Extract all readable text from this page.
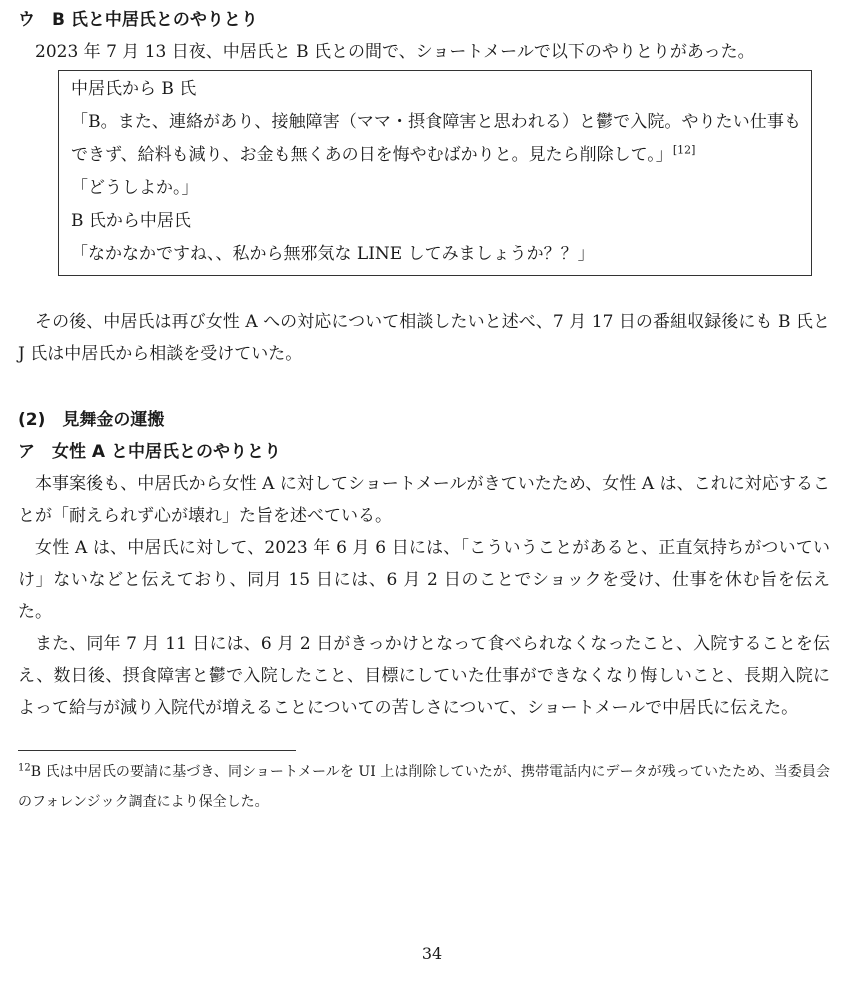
ウ　B 氏と中居氏とのやりとり

2023 年 7 月 13 日夜、中居氏と B 氏との間で、ショートメールで以下のやりとりがあった。

中居氏から B 氏

「B。また、連絡があり、接触障害（ママ・摂食障害と思われる）と鬱で入院。やりたい仕事もできず、給料も減り、お金も無くあの日を悔やむばかりと。見たら削除して。」[12]

「どうしよか。」

B 氏から中居氏

「なかなかですね、、私から無邪気な LINE してみましょうか？？」

その後、中居氏は再び女性 A への対応について相談したいと述べ、7 月 17 日の番組収録後にも B 氏と J 氏は中居氏から相談を受けていた。

(2)　見舞金の運搬

ア　女性 A と中居氏とのやりとり

本事案後も、中居氏から女性 A に対してショートメールがきていたため、女性 A は、これに対応することが「耐えられず心が壊れ」た旨を述べている。

女性 A は、中居氏に対して、2023 年 6 月 6 日には、「こういうことがあると、正直気持ちがついていけ」ないなどと伝えており、同月 15 日には、6 月 2 日のことでショックを受け、仕事を休む旨を伝えた。

また、同年 7 月 11 日には、6 月 2 日がきっかけとなって食べられなくなったこと、入院することを伝え、数日後、摂食障害と鬱で入院したこと、目標にしていた仕事ができなくなり悔しいこと、長期入院によって給与が減り入院代が増えることについての苦しさについて、ショートメールで中居氏に伝えた。

$^{12}$B 氏は中居氏の要請に基づき、同ショートメールを UI 上は削除していたが、携帯電話内にデータが残っていたため、当委員会のフォレンジック調査により保全した。

34
